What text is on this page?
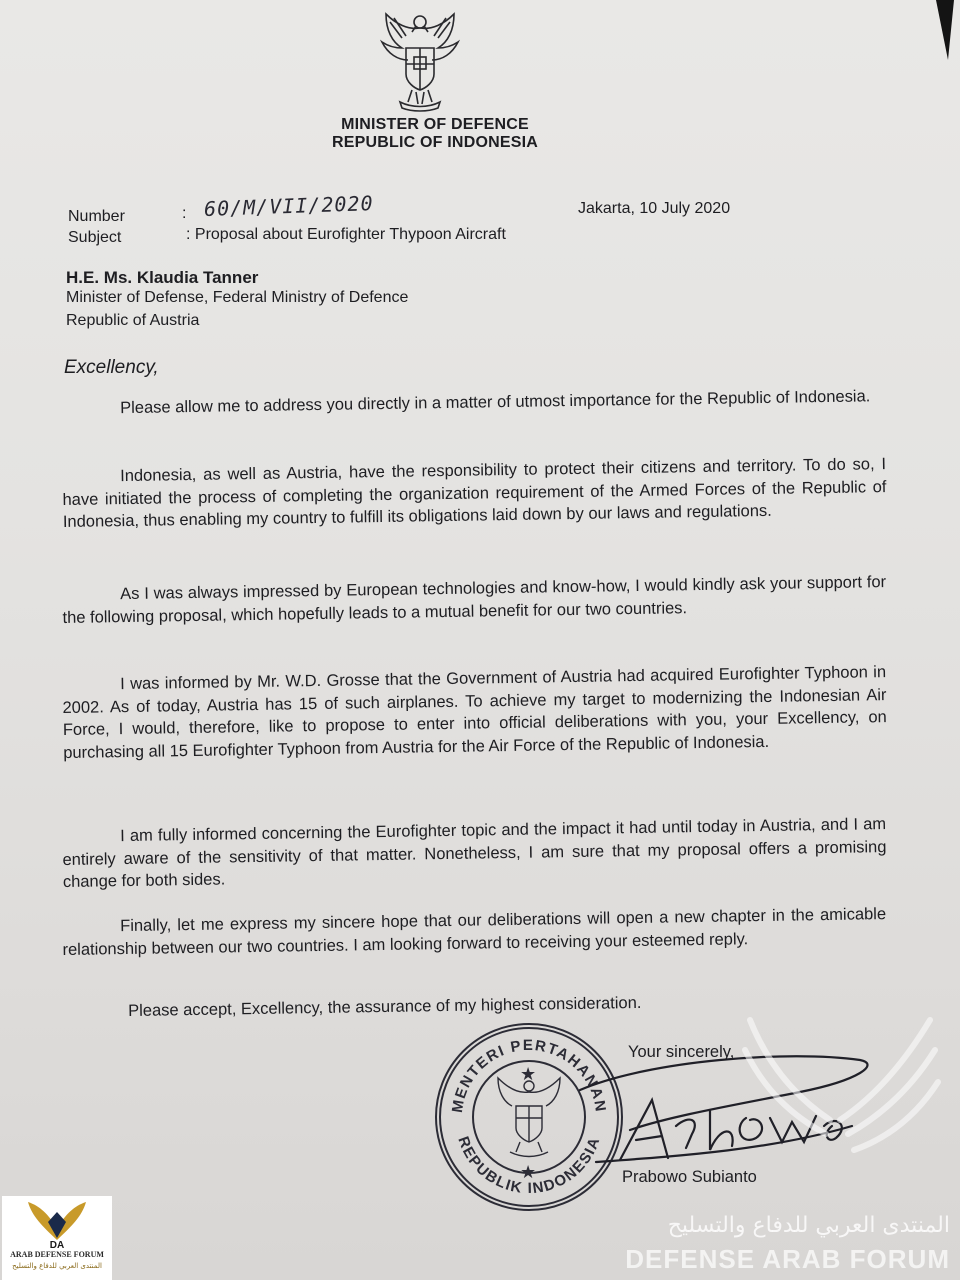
MINISTER OF DEFENCE
REPUBLIC OF INDONESIA
Number
Subject
: 60/M/VII/2020
: Proposal about Eurofighter Thypoon Aircraft
Jakarta, 10 July 2020
H.E. Ms. Klaudia Tanner
Minister of Defense, Federal Ministry of Defence
Republic of Austria
Excellency,

Please allow me to address you directly in a matter of utmost importance for the Republic of Indonesia.

Indonesia, as well as Austria, have the responsibility to protect their citizens and territory. To do so, I have initiated the process of completing the organization requirement of the Armed Forces of the Republic of Indonesia, thus enabling my country to fulfill its obligations laid down by our laws and regulations.

As I was always impressed by European technologies and know-how, I would kindly ask your support for the following proposal, which hopefully leads to a mutual benefit for our two countries.

I was informed by Mr. W.D. Grosse that the Government of Austria had acquired Eurofighter Typhoon in 2002. As of today, Austria has 15 of such airplanes. To achieve my target to modernizing the Indonesian Air Force, I would, therefore, like to propose to enter into official deliberations with you, your Excellency, on purchasing all 15 Eurofighter Typhoon from Austria for the Air Force of the Republic of Indonesia.

I am fully informed concerning the Eurofighter topic and the impact it had until today in Austria, and I am entirely aware of the sensitivity of that matter. Nonetheless, I am sure that my proposal offers a promising change for both sides.

Finally, let me express my sincere hope that our deliberations will open a new chapter in the amicable relationship between our two countries. I am looking forward to receiving your esteemed reply.

Please accept, Excellency, the assurance of my highest consideration.
MENTERI PERTAHANAN
REPUBLIK INDONESIA
★
★
Your sincerely,
Prabowo Subianto
المنتدى العربي للدفاع والتسليح
DEFENSE ARAB FORUM
DA
ARAB DEFENSE FORUM
المنتدى العربي للدفاع والتسليح
